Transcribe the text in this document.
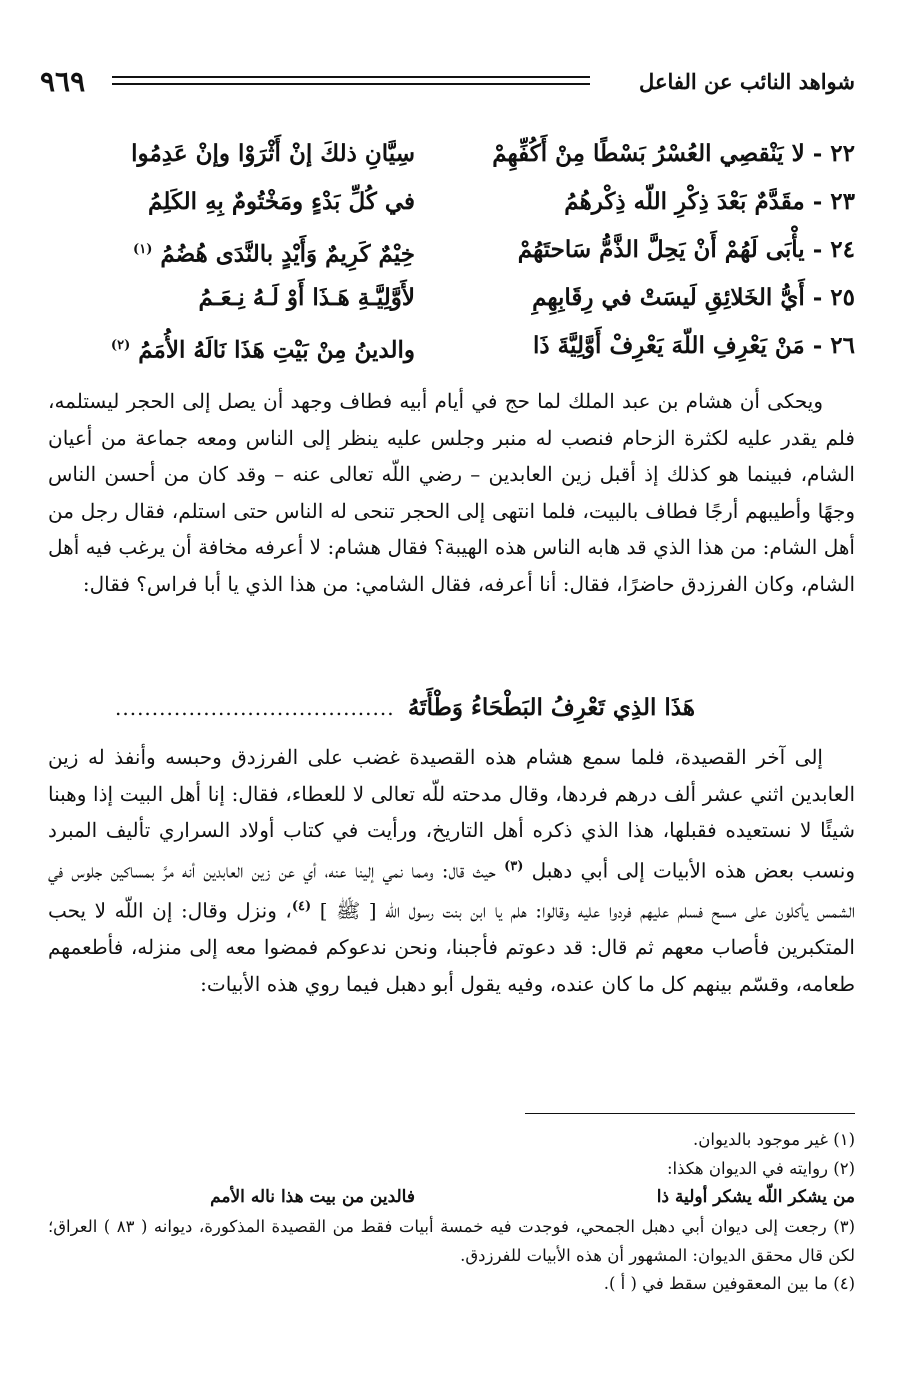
٩٦٩	شواهد النائب عن الفاعل
٢٢ - لا يَنْقصِي العُسْرُ بَسْطًا مِنْ أَكُفِّهِمْ
سِيَّانِ ذلكَ إنْ أَثْرَوْا وإنْ عَدِمُوا
٢٣ - مقَدَّمٌ بَعْدَ ذِكْرِ اللّه ذِكْرهُمُ
في كُلِّ بَدْءٍ ومَخْتُومٌ بِهِ الكَلِمُ
٢٤ - يأْبَى لَهُمْ أَنْ يَحِلَّ الذَّمُّ سَاحتَهُمْ
خِيْمٌ كَرِيمٌ وَأَيْدٍ بالنَّدَى هُضُمُ $^{(١)}$
٢٥ - أَيُّ الخَلائِقِ لَيسَتْ في رِقَابِهِمِ
لأَوَّلِيَّـةِ هَـذَا أَوْ لَـهُ نِـعَـمُ
٢٦ - مَنْ يَعْرِفِ اللّهَ يَعْرِفْ أَوَّلِيَّةَ ذَا
والدينُ مِنْ بَيْتِ هَذَا نَالَهُ الأُمَمُ $^{(٢)}$
ويحكى أن هشام بن عبد الملك لما حج في أيام أبيه فطاف وجهد أن يصل إلى الحجر ليستلمه، فلم يقدر عليه لكثرة الزحام فنصب له منبر وجلس عليه ينظر إلى الناس ومعه جماعة من أعيان الشام، فبينما هو كذلك إذ أقبل زين العابدين – رضي اللّه تعالى عنه – وقد كان من أحسن الناس وجهًا وأطيبهم أرجًا فطاف بالبيت، فلما انتهى إلى الحجر تنحى له الناس حتى استلم، فقال رجل من أهل الشام: من هذا الذي قد هابه الناس هذه الهيبة؟ فقال هشام: لا أعرفه مخافة أن يرغب فيه أهل الشام، وكان الفرزدق حاضرًا، فقال: أنا أعرفه، فقال الشامي: من هذا الذي يا أبا فراس؟ فقال:
هَذَا الذِي تَعْرِفُ البَطْحَاءُ وَطْأَتَهُ
......................................
إلى آخر القصيدة، فلما سمع هشام هذه القصيدة غضب على الفرزدق وحبسه وأنفذ له زين العابدين اثني عشر ألف درهم فردها، وقال مدحته للّه تعالى لا للعطاء، فقال: إنا أهل البيت إذا وهبنا شيئًا لا نستعيده فقبلها، هذا الذي ذكره أهل التاريخ، ورأيت في كتاب أولاد السراري تأليف المبرد ونسب بعض هذه الأبيات إلى أبي دهبل $^{(٣)}$ حيث قال: ومما نمي إلينا عنه، أي عن زين العابدين أنه مرَّ بمساكين جلوس في الشمس يأكلون على مسح فسلم عليهم فردوا عليه وقالوا: هلم يا ابن بنت رسول اللّه [ ﷺ ] $^{(٤)}$، ونزل وقال: إن اللّه لا يحب المتكبرين فأصاب معهم ثم قال: قد دعوتم فأجبنا، ونحن ندعوكم فمضوا معه إلى منزله، فأطعمهم طعامه، وقسّم بينهم كل ما كان عنده، وفيه يقول أبو دهبل فيما روي هذه الأبيات:
(١) غير موجود بالديوان.
(٢) روايته في الديوان هكذا:
من يشكر اللّه يشكر أولية ذا
فالدين من بيت هذا ناله الأمم
(٣) رجعت إلى ديوان أبي دهبل الجمحي، فوجدت فيه خمسة أبيات فقط من القصيدة المذكورة، ديوانه ( ٨٣ ) العراق؛ لكن قال محقق الديوان: المشهور أن هذه الأبيات للفرزدق.
(٤) ما بين المعقوفين سقط في ( أ ).
